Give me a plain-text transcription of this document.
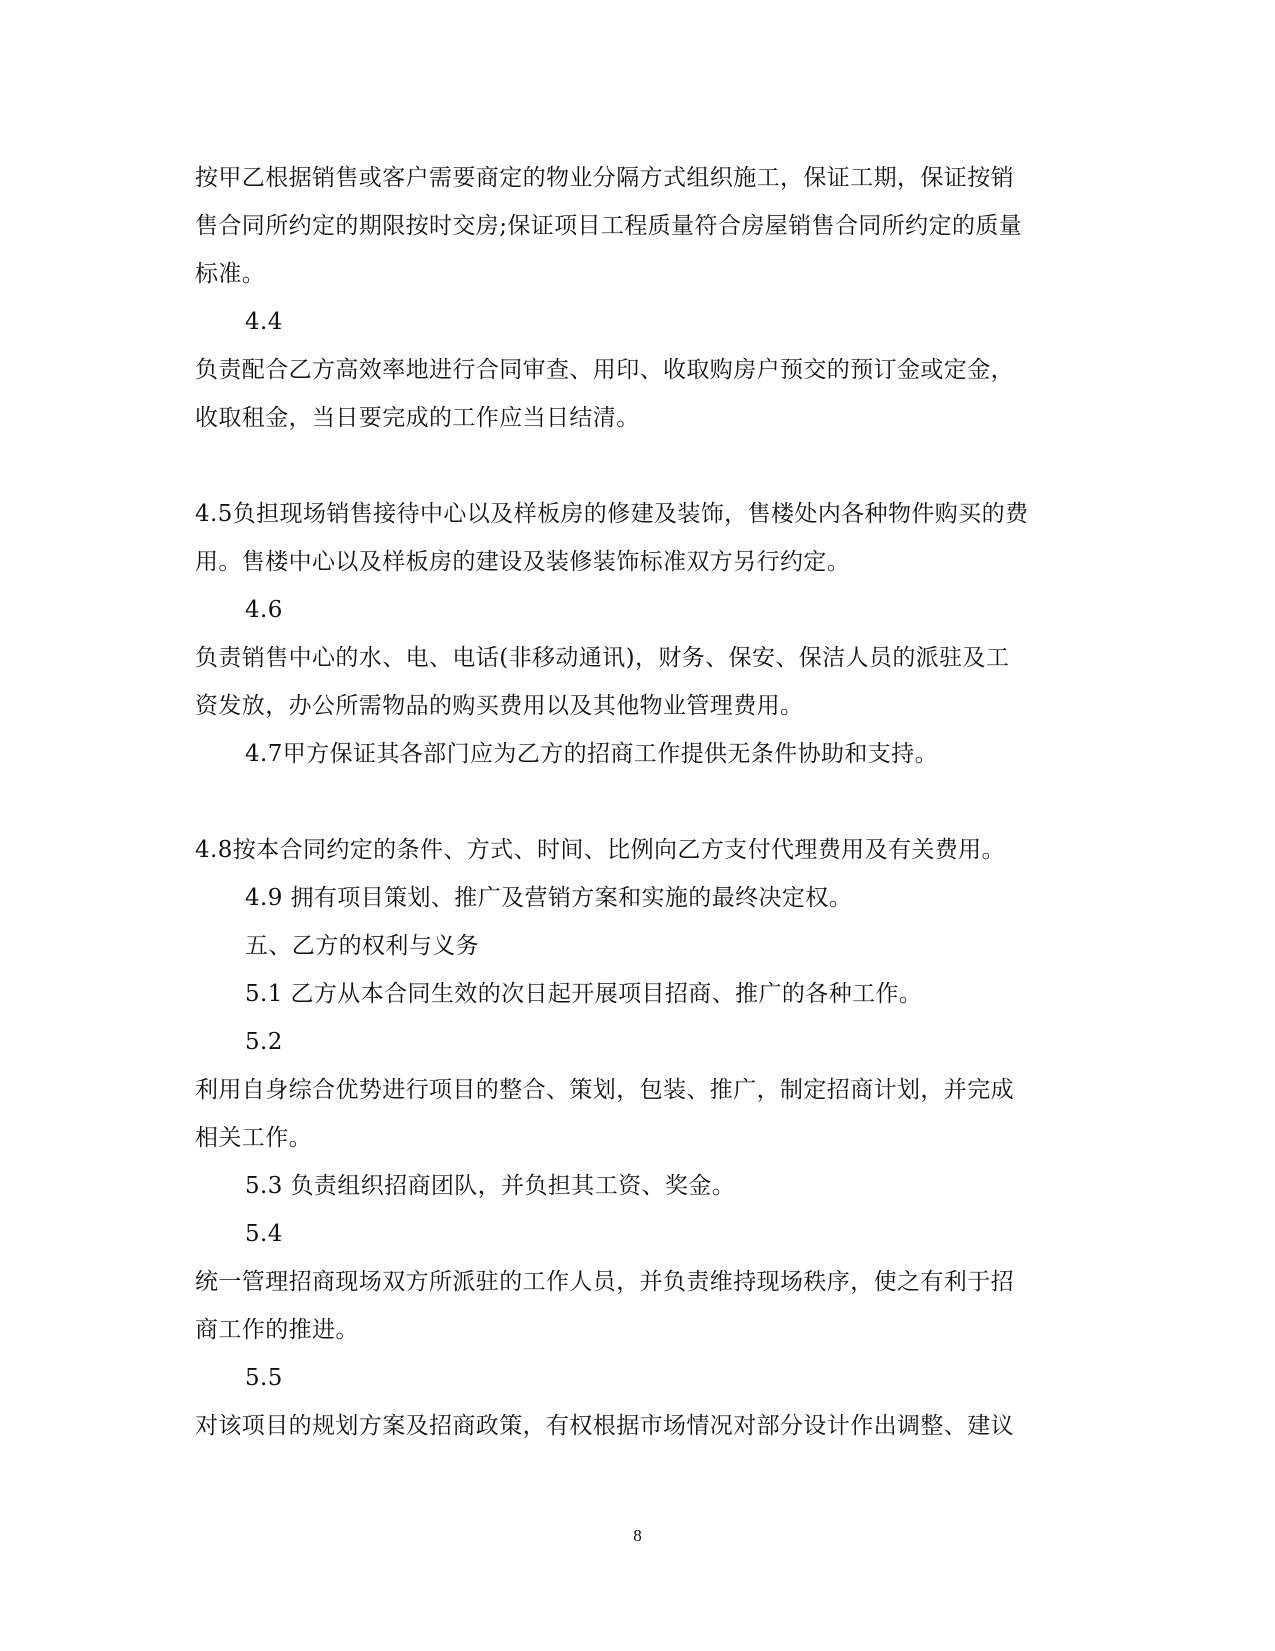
按甲乙根据销售或客户需要商定的物业分隔方式组织施工，保证工期，保证按销
售合同所约定的期限按时交房;保证项目工程质量符合房屋销售合同所约定的质量
标准。
4.4
负责配合乙方高效率地进行合同审查、用印、收取购房户预交的预订金或定金，
收取租金，当日要完成的工作应当日结清。
4.5负担现场销售接待中心以及样板房的修建及装饰，售楼处内各种物件购买的费
用。售楼中心以及样板房的建设及装修装饰标准双方另行约定。
4.6
负责销售中心的水、电、电话(非移动通讯)，财务、保安、保洁人员的派驻及工
资发放，办公所需物品的购买费用以及其他物业管理费用。
4.7甲方保证其各部门应为乙方的招商工作提供无条件协助和支持。
4.8按本合同约定的条件、方式、时间、比例向乙方支付代理费用及有关费用。
4.9 拥有项目策划、推广及营销方案和实施的最终决定权。
五、乙方的权利与义务
5.1 乙方从本合同生效的次日起开展项目招商、推广的各种工作。
5.2
利用自身综合优势进行项目的整合、策划，包装、推广，制定招商计划，并完成
相关工作。
5.3 负责组织招商团队，并负担其工资、奖金。
5.4
统一管理招商现场双方所派驻的工作人员，并负责维持现场秩序，使之有利于招
商工作的推进。
5.5
对该项目的规划方案及招商政策，有权根据市场情况对部分设计作出调整、建议
8
